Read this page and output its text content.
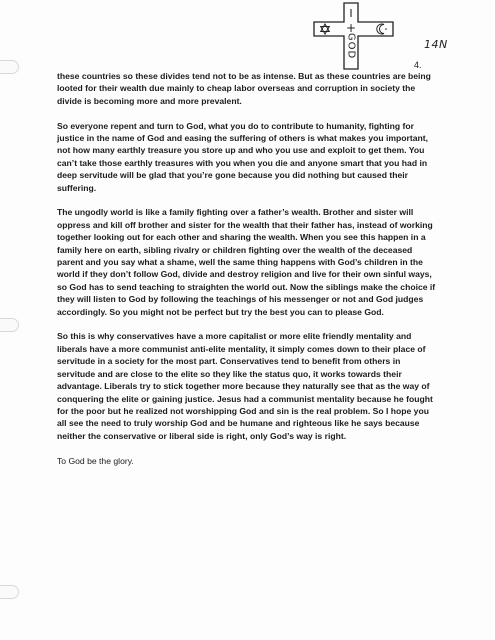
I
+
GOD	14N
4.

these countries so these divides tend not to be as intense. But as these countries are being looted for their wealth due mainly to cheap labor overseas and corruption in society the divide is becoming more and more prevalent.

So everyone repent and turn to God, what you do to contribute to humanity, fighting for justice in the name of God and easing the suffering of others is what makes you important, not how many earthly treasure you store up and who you use and exploit to get them. You can’t take those earthly treasures with you when you die and anyone smart that you had in deep servitude will be glad that you’re gone because you did nothing but caused their suffering.

The ungodly world is like a family fighting over a father’s wealth. Brother and sister will oppress and kill off brother and sister for the wealth that their father has, instead of working together looking out for each other and sharing the wealth. When you see this happen in a family here on earth, sibling rivalry or children fighting over the wealth of the deceased parent and you say what a shame, well the same thing happens with God’s children in the world if they don’t follow God, divide and destroy religion and live for their own sinful ways, so God has to send teaching to straighten the world out. Now the siblings make the choice if they will listen to God by following the teachings of his messenger or not and God judges accordingly. So you might not be perfect but try the best you can to please God.

So this is why conservatives have a more capitalist or more elite friendly mentality and liberals have a more communist anti-elite mentality, it simply comes down to their place of servitude in a society for the most part. Conservatives tend to benefit from others in servitude and are close to the elite so they like the status quo, it works towards their advantage. Liberals try to stick together more because they naturally see that as the way of conquering the elite or gaining justice. Jesus had a communist mentality because he fought for the poor but he realized not worshipping God and sin is the real problem. So I hope you all see the need to truly worship God and be humane and righteous like he says because neither the conservative or liberal side is right, only God’s way is right.

To God be the glory.
